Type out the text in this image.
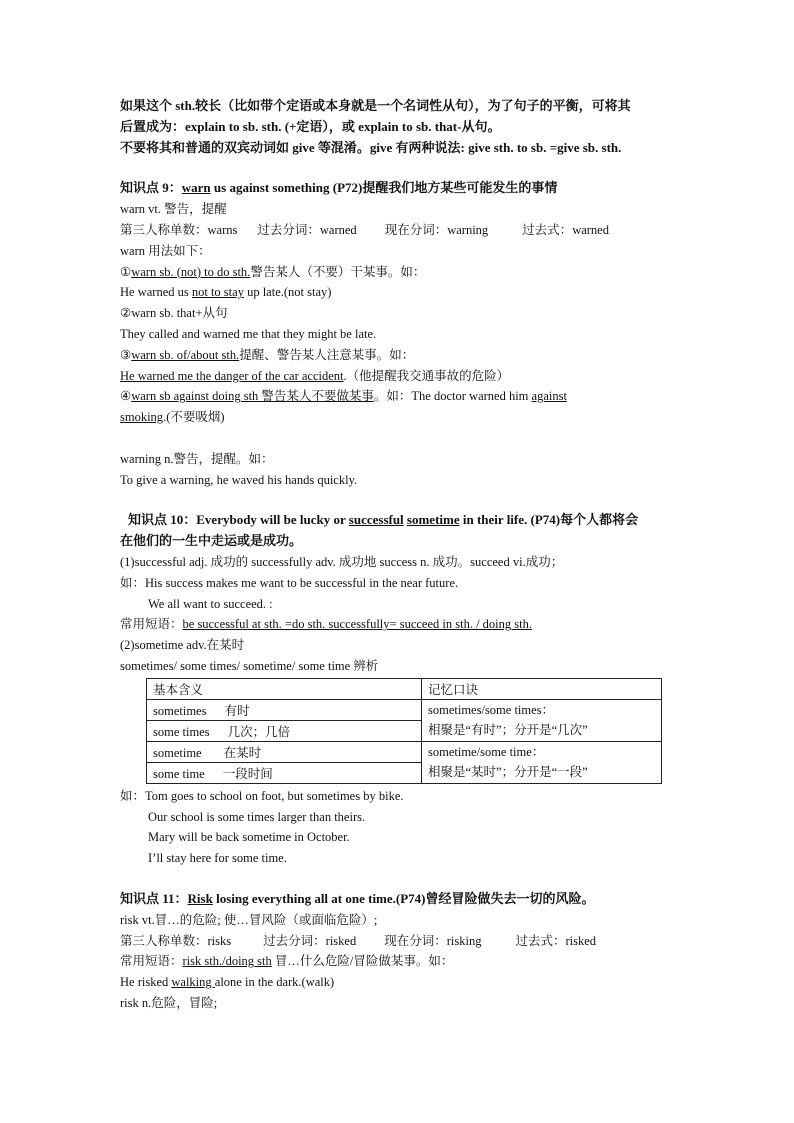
如果这个 sth.较长（比如带个定语或本身就是一个名词性从句），为了句子的平衡，可将其
后置成为：explain to sb. sth. (+定语），或 explain to sb. that-从句。
不要将其和普通的双宾动词如 give 等混淆。give 有两种说法: give sth. to sb. =give sb. sth.
知识点 9：warn us against something (P72)提醒我们地方某些可能发生的事情
warn vt. 警告，提醒
第三人称单数：warns 过去分词：warned 现在分词：warning	过去式：warned
warn 用法如下：
①warn sb. (not) to do sth.警告某人（不要）干某事。如：
He warned us not to stay up late.(not stay)
②warn sb. that+从句
They called and warned me that they might be late.
③warn sb. of/about sth.提醒、警告某人注意某事。如：
He warned me the danger of the car accident.（他提醒我交通事故的危险）
④warn sb against doing sth 警告某人不要做某事。如：The doctor warned him against
smoking.(不要吸烟)
warning n.警告，提醒。如：
To give a warning, he waved his hands quickly.
知识点 10：Everybody will be lucky or successful sometime in their life. (P74)每个人都将会
在他们的一生中走运或是成功。
(1)successful adj. 成功的 successfully adv. 成功地 success n. 成功。succeed vi.成功；
如：His success makes me want to be successful in the near future.
We all want to succeed. :
常用短语：be successful at sth. =do sth. successfully= succeed in sth. / doing sth.
(2)sometime adv.在某时
sometimes/ some times/ sometime/ some time 辨析
基本含义	记忆口诀
sometimes 有时	sometimes/some times：
相聚是“有时”；分开是“几次”

some times 几次；几倍	
sometime 在某时	sometime/some time：
相聚是“某时”；分开是“一段”

some time 一段时间	
如：Tom goes to school on foot, but sometimes by bike.
Our school is some times larger than theirs.
Mary will be back sometime in October.
I’ll stay here for some time.
知识点 11：Risk losing everything all at one time.(P74)曾经冒险做失去一切的风险。
risk vt.冒…的危险; 使…冒风险（或面临危险）;
第三人称单数：risks	过去分词：risked 现在分词：risking	过去式：risked
常用短语：risk sth./doing sth 冒…什么危险/冒险做某事。如：
He risked walking alone in the dark.(walk)
risk n.危险，冒险;
